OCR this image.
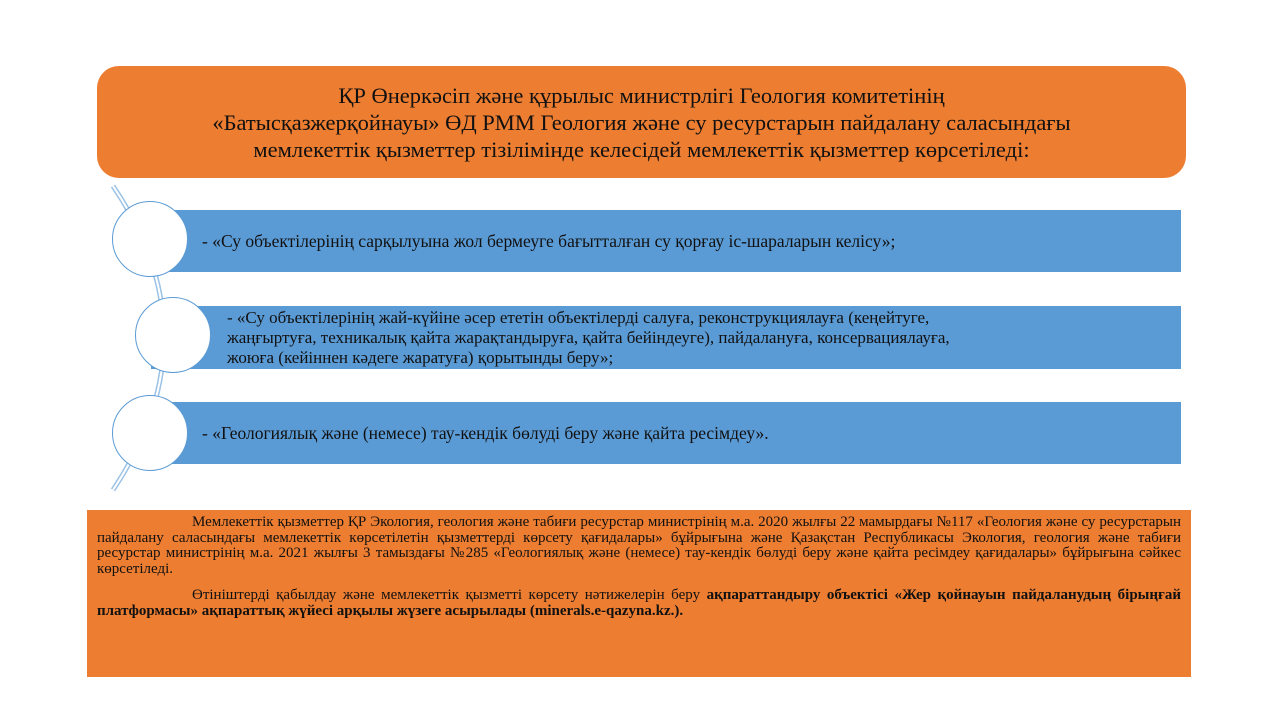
ҚР Өнеркәсіп және құрылыс министрлігі Геология комитетінің
«Батысқазжерқойнауы» ӨД РММ Геология және су ресурстарын пайдалану саласындағы
мемлекеттік қызметтер тізілімінде келесідей мемлекеттік қызметтер көрсетіледі:
- «Су объектілерінің сарқылуына жол бермеуге бағытталған су қорғау іс-шараларын келісу»;
- «Су объектілерінің жай-күйіне әсер ететін объектілерді салуға, реконструкциялауға (кеңейтуге,
жаңғыртуға, техникалық қайта жарақтандыруға, қайта бейіндеуге), пайдалануға, консервациялауға,
жоюға (кейіннен кәдеге жаратуға) қорытынды беру»;
- «Геологиялық және (немесе) тау-кендік бөлуді беру және қайта ресімдеу».

Мемлекеттік қызметтер ҚР Экология, геология және табиғи ресурстар министрінің м.а. 2020 жылғы 22 мамырдағы №117 «Геология және су ресурстарын пайдалану саласындағы мемлекеттік көрсетілетін қызметтерді көрсету қағидалары» бұйрығына және Қазақстан Республикасы Экология, геология және табиғи ресурстар министрінің м.а. 2021 жылғы 3 тамыздағы №285 «Геологиялық және (немесе) тау-кендік бөлуді беру және қайта ресімдеу қағидалары» бұйрығына сәйкес көрсетіледі.

Өтініштерді қабылдау және мемлекеттік қызметті көрсету нәтижелерін беру ақпараттандыру объектісі «Жер қойнауын пайдаланудың бірыңғай платформасы» ақпараттық жүйесі арқылы жүзеге асырылады (minerals.e-qazyna.kz.).
